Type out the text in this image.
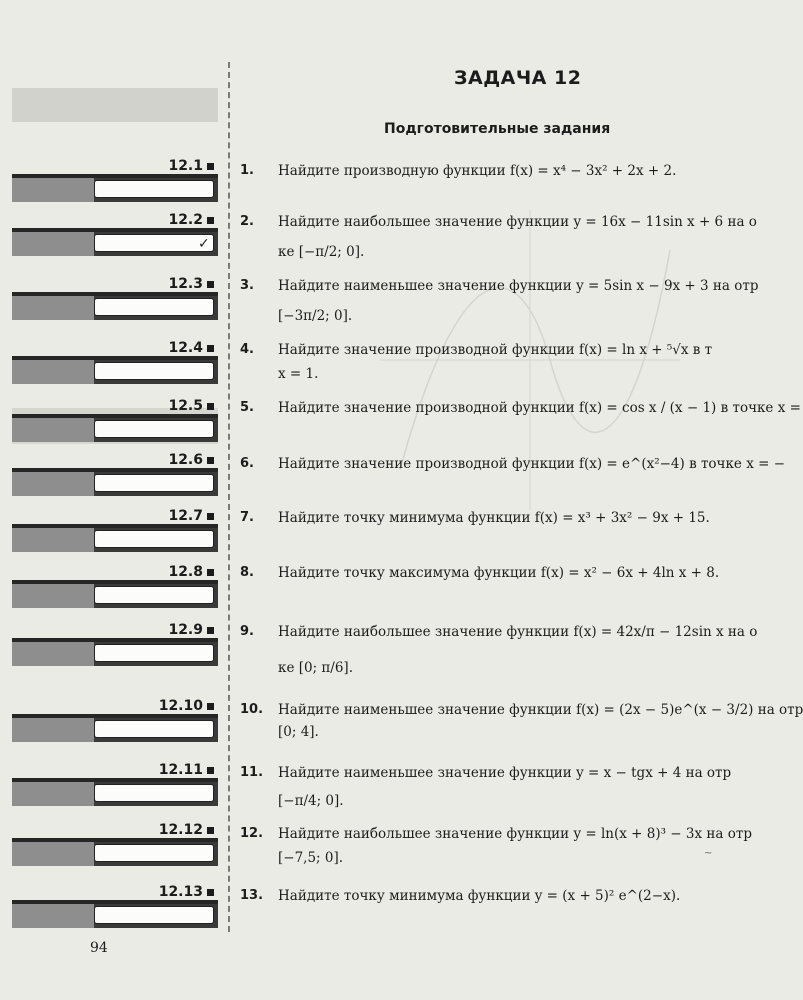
ЗАДАЧА 12
Подготовительные задания
12.1
12.2
12.3
12.4
12.5
12.6
12.7
12.8
12.9
12.10
12.11
12.12
12.13
✓
1. Найдите производную функции f(x) = x⁴ − 3x² + 2x + 2.
2. Найдите наибольшее значение функции y = 16x − 11sin x + 6 на о
ке [−π/2; 0].
3. Найдите наименьшее значение функции y = 5sin x − 9x + 3 на отр
[−3π/2; 0].
4. Найдите значение производной функции f(x) = ln x + ⁵√x в т
x = 1.
5. Найдите значение производной функции f(x) = cos x / (x − 1) в точке x =
6. Найдите значение производной функции f(x) = e^(x²−4) в точке x = −
7. Найдите точку минимума функции f(x) = x³ + 3x² − 9x + 15.
8. Найдите точку максимума функции f(x) = x² − 6x + 4ln x + 8.
9. Найдите наибольшее значение функции f(x) = 42x/π − 12sin x на о
ке [0; π/6].
10. Найдите наименьшее значение функции f(x) = (2x − 5)e^(x − 3/2) на отр
[0; 4].
11. Найдите наименьшее значение функции y = x − tgx + 4 на отр
[−π/4; 0].
12. Найдите наибольшее значение функции y = ln(x + 8)³ − 3x на отр
[−7,5; 0].
13. Найдите точку минимума функции y = (x + 5)² e^(2−x).
~
94
